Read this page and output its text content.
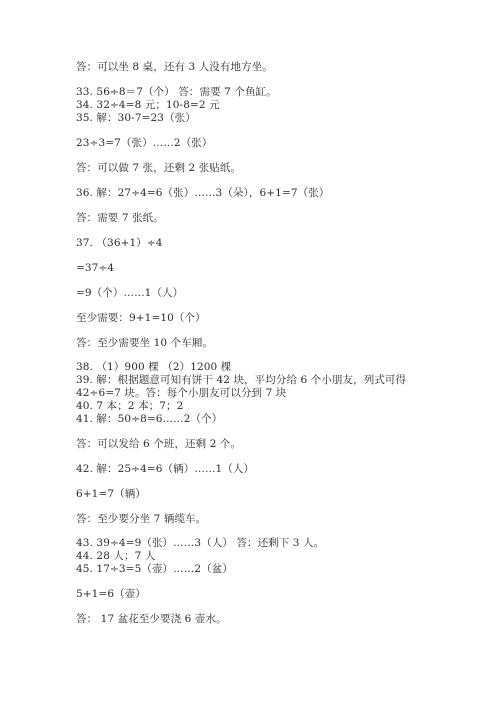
答：可以坐 8 桌，还有 3 人没有地方坐。
33. 56÷8＝7（个） 答：需要 7 个鱼缸。
34. 32÷4=8 元；10-8=2 元
35. 解：30-7=23（张）
23÷3=7（张）……2（张）
答：可以做 7 张，还剩 2 张贴纸。
36. 解：27÷4=6（张）……3（朵），6+1=7（张）
答：需要 7 张纸。
37. （36+1）÷4
=37÷4
=9（个）……1（人）
至少需要：9+1=10（个）
答：至少需要坐 10 个车厢。
38. （1）900 棵 （2）1200 棵
39. 解：根据题意可知有饼干 42 块，平均分给 6 个小朋友，列式可得 42÷6=7 块。答：每个小朋友可以分到 7 块
40. 7 本；2 本；7；2
41. 解：50÷8=6……2（个）
答：可以发给 6 个班，还剩 2 个。
42. 解：25÷4=6（辆）……1（人）
6+1=7（辆）
答：至少要分坐 7 辆缆车。
43. 39÷4=9（张）……3（人） 答：还剩下 3 人。
44. 28 人；7 人
45. 17÷3=5（壶）……2（盆）
5+1=6（壶）
答： 17 盆花至少要浇 6 壶水。
